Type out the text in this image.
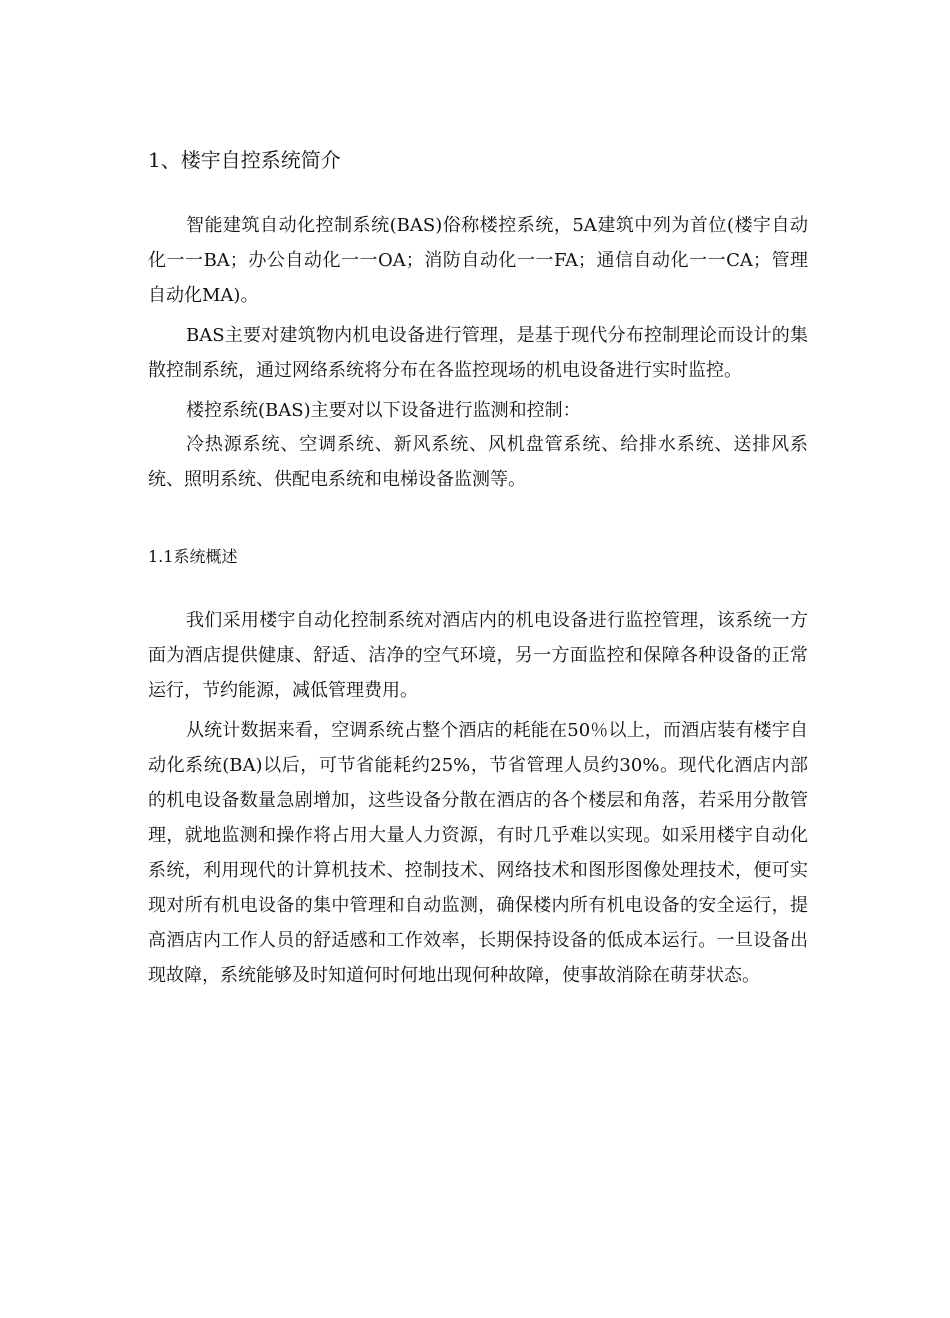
1、楼宇自控系统简介

智能建筑自动化控制系统(BAS)俗称楼控系统，5A建筑中列为首位(楼宇自动化一一BA；办公自动化一一OA；消防自动化一一FA；通信自动化一一CA；管理自动化MA)。

BAS主要对建筑物内机电设备进行管理，是基于现代分布控制理论而设计的集散控制系统，通过网络系统将分布在各监控现场的机电设备进行实时监控。

楼控系统(BAS)主要对以下设备进行监测和控制：

冷热源系统、空调系统、新风系统、风机盘管系统、给排水系统、送排风系统、照明系统、供配电系统和电梯设备监测等。

1.1系统概述

我们采用楼宇自动化控制系统对酒店内的机电设备进行监控管理，该系统一方面为酒店提供健康、舒适、洁净的空气环境，另一方面监控和保障各种设备的正常运行，节约能源，减低管理费用。

从统计数据来看，空调系统占整个酒店的耗能在50％以上，而酒店装有楼宇自动化系统(BA)以后，可节省能耗约25%，节省管理人员约30%。现代化酒店内部的机电设备数量急剧增加，这些设备分散在酒店的各个楼层和角落，若采用分散管理，就地监测和操作将占用大量人力资源，有时几乎难以实现。如采用楼宇自动化系统，利用现代的计算机技术、控制技术、网络技术和图形图像处理技术，便可实现对所有机电设备的集中管理和自动监测，确保楼内所有机电设备的安全运行，提高酒店内工作人员的舒适感和工作效率，长期保持设备的低成本运行。一旦设备出现故障，系统能够及时知道何时何地出现何种故障，使事故消除在萌芽状态。
